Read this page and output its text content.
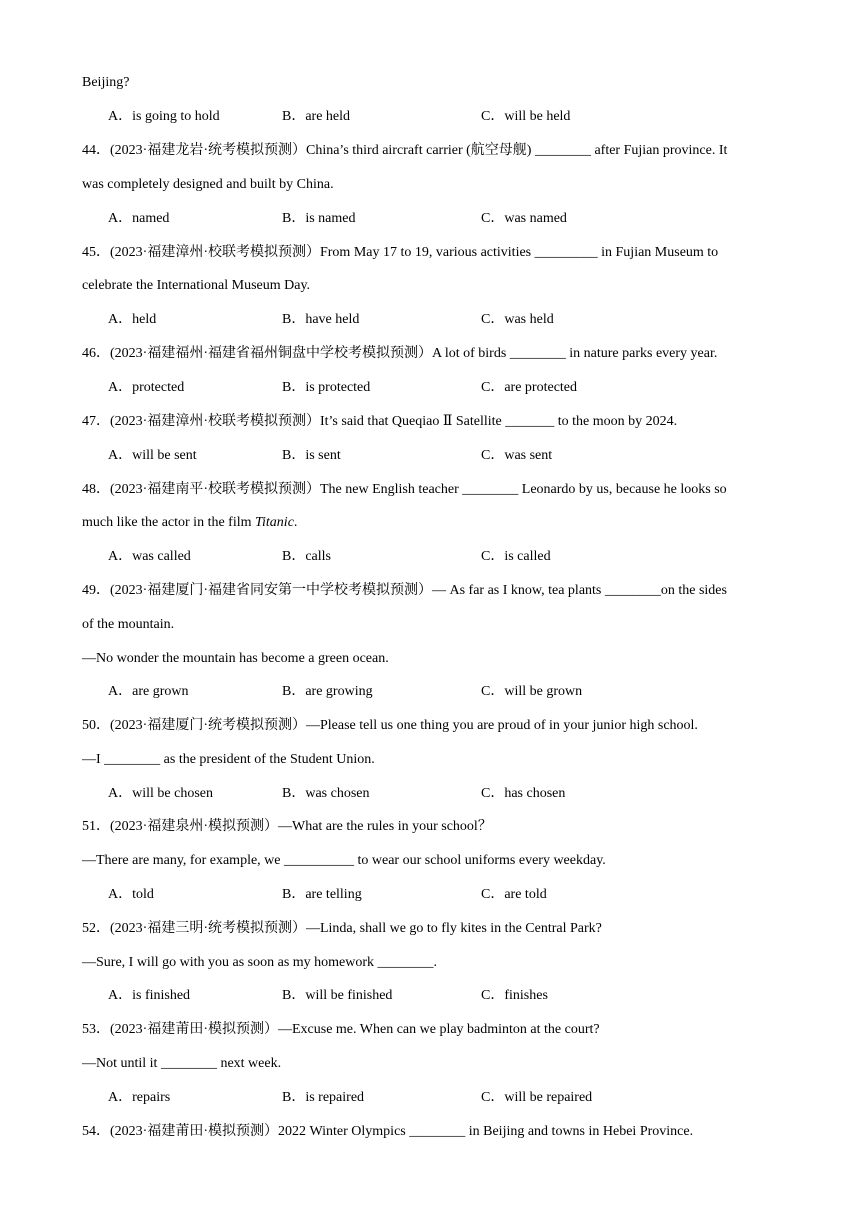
Beijing?
A．is going to hold	B．are held	C．will be held
44．(2023·福建龙岩·统考模拟预测）China’s third aircraft carrier (航空母舰) ________ after Fujian province. It
was completely designed and built by China.
A．named	B．is named	C．was named
45．(2023·福建漳州·校联考模拟预测）From May 17 to 19, various activities _________ in Fujian Museum to
celebrate the International Museum Day.
A．held	B．have held	C．was held
46．(2023·福建福州·福建省福州铜盘中学校考模拟预测）A lot of birds ________ in nature parks every year.
A．protected	B．is protected	C．are protected
47．(2023·福建漳州·校联考模拟预测）It’s said that Queqiao Ⅱ Satellite _______ to the moon by 2024.
A．will be sent	B．is sent	C．was sent
48．(2023·福建南平·校联考模拟预测）The new English teacher ________ Leonardo by us, because he looks so
much like the actor in the film Titanic.
A．was called	B．calls	C．is called
49．(2023·福建厦门·福建省同安第一中学校考模拟预测）— As far as I know, tea plants ________on the sides
of the mountain.
—No wonder the mountain has become a green ocean.
A．are grown	B．are growing	C．will be grown
50．(2023·福建厦门·统考模拟预测）—Please tell us one thing you are proud of in your junior high school.
—I ________ as the president of the Student Union.
A．will be chosen	B．was chosen	C．has chosen
51．(2023·福建泉州·模拟预测）—What are the rules in your school？
—There are many, for example, we __________ to wear our school uniforms every weekday.
A．told	B．are telling	C．are told
52．(2023·福建三明·统考模拟预测）—Linda, shall we go to fly kites in the Central Park?
—Sure, I will go with you as soon as my homework ________.
A．is finished	B．will be finished	C．finishes
53．(2023·福建莆田·模拟预测）—Excuse me. When can we play badminton at the court?
—Not until it ________ next week.
A．repairs	B．is repaired	C．will be repaired
54．(2023·福建莆田·模拟预测）2022 Winter Olympics ________ in Beijing and towns in Hebei Province.
